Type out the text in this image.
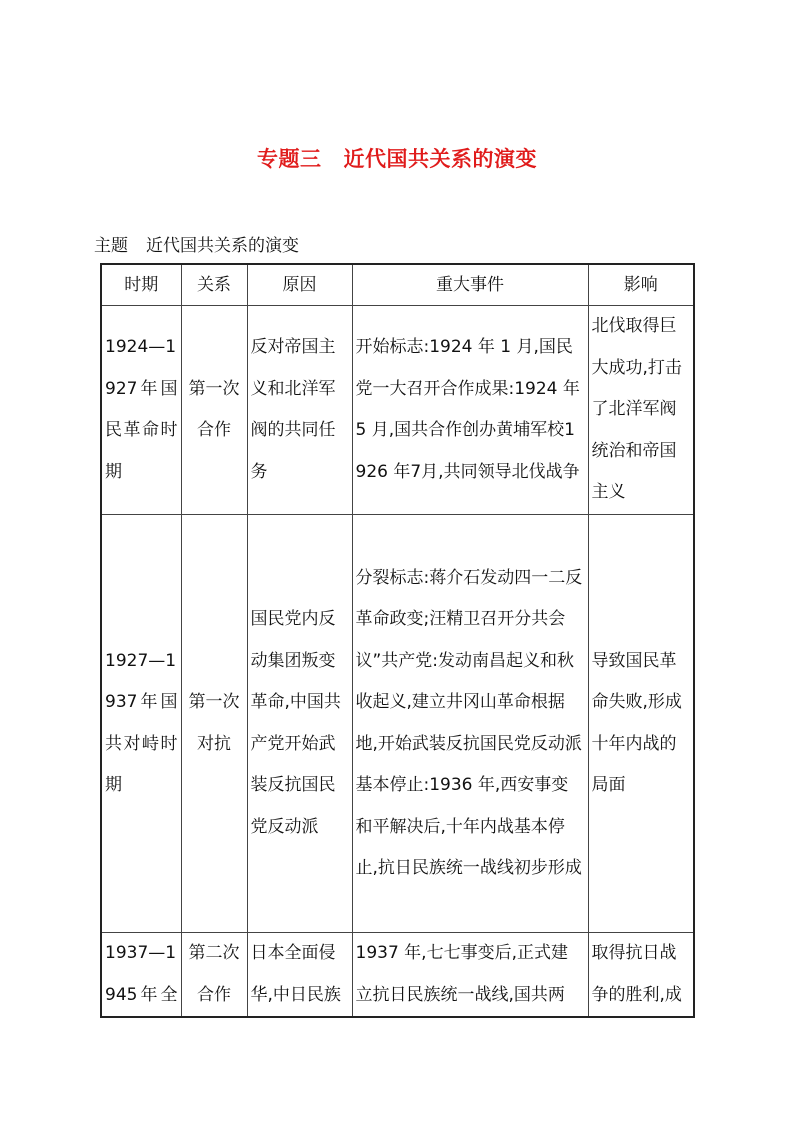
专题三 近代国共关系的演变
主题 近代国共关系的演变
时期	关系	原因	重大事件	影响
1924—1927年国民革命时期	第一次合作	反对帝国主义和北洋军阀的共同任务	开始标志:1924 年 1 月,国民党一大召开合作成果:1924 年 5 月,国共合作创办黄埔军校1926 年7月,共同领导北伐战争	北伐取得巨大成功,打击了北洋军阀统治和帝国主义
1927—1937年国共对峙时期	第一次对抗	国民党内反动集团叛变革命,中国共产党开始武装反抗国民党反动派	分裂标志:蒋介石发动四一二反革命政变;汪精卫召开分共会议”共产党:发动南昌起义和秋收起义,建立井冈山革命根据地,开始武装反抗国民党反动派基本停止:1936 年,西安事变和平解决后,十年内战基本停止,抗日民族统一战线初步形成	导致国民革命失败,形成十年内战的局面
1937—1945年全	第二次合作	日本全面侵华,中日民族	1937 年,七七事变后,正式建立抗日民族统一战线,国共两	取得抗日战争的胜利,成
